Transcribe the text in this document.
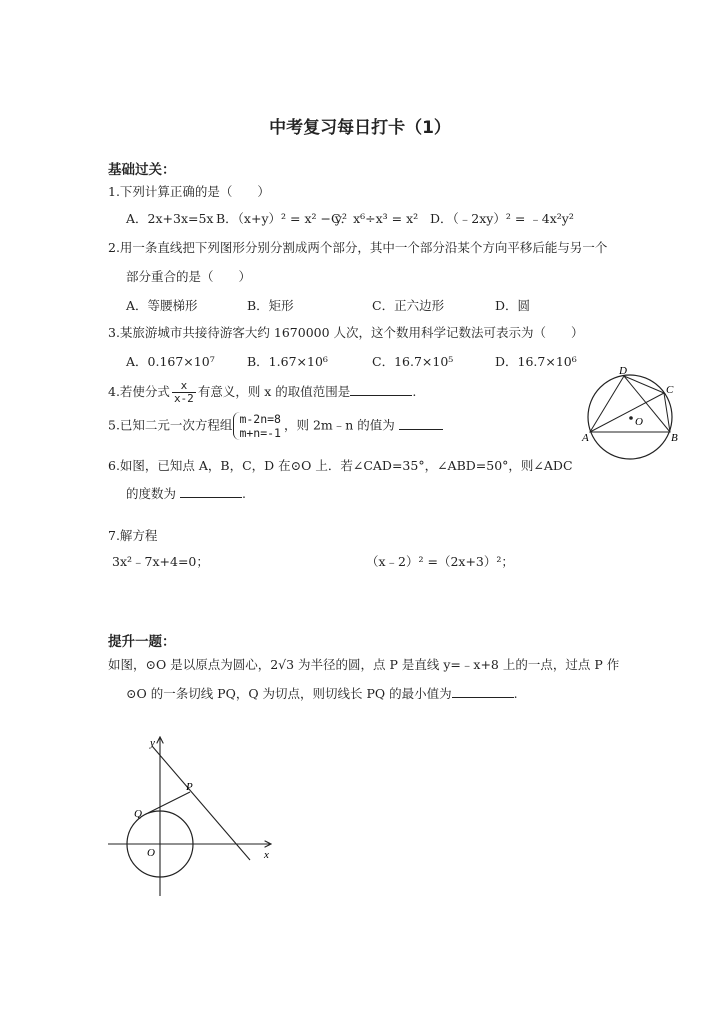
中考复习每日打卡（1）
基础过关：
1.下列计算正确的是（　　）
A．2x+3x=5x B．（x+y）² = x² − y²
C．x⁶÷x³ = x² D．（﹣2xy）² = ﹣4x²y²
2.用一条直线把下列图形分别分割成两个部分，其中一个部分沿某个方向平移后能与另一个
部分重合的是（　　）
A．等腰梯形	B．矩形	C．正六边形	D．圆
3.某旅游城市共接待游客大约 1670000 人次，这个数用科学记数法可表示为（　　）
A．0.167×10⁷	B．1.67×10⁶	C．16.7×10⁵	D．16.7×10⁶
4.若使分式 $\frac{x}{x-2}$ 有意义，则 x 的取值范围是	.
5.已知二元一次方程组 m-2n=8
m+n=-1
，则 2m﹣n 的值为
6.如图，已知点 A，B，C，D 在⊙O 上．若∠CAD=35°，∠ABD=50°，则∠ADC
的度数为	.
D
C
A	B
O
7.解方程
3x²﹣7x+4=0；	（x﹣2）² =（2x+3）²；
提升一题：
如图，⊙O 是以原点为圆心，2√3 为半径的圆，点 P 是直线 y=﹣x+8 上的一点，过点 P 作
⊙O 的一条切线 PQ，Q 为切点，则切线长 PQ 的最小值为	.
y
x
O
P
Q
